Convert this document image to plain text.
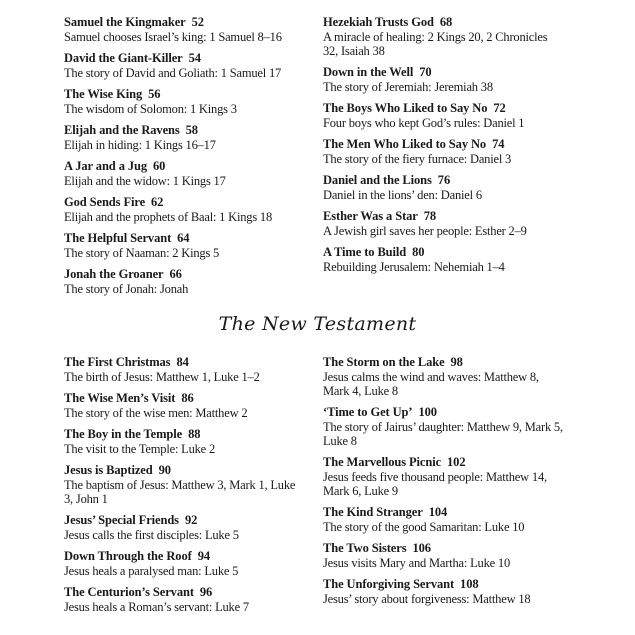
Samuel the Kingmaker 52
Samuel chooses Israel’s king: 1 Samuel 8–16
David the Giant-Killer 54
The story of David and Goliath: 1 Samuel 17
The Wise King 56
The wisdom of Solomon: 1 Kings 3
Elijah and the Ravens 58
Elijah in hiding: 1 Kings 16–17
A Jar and a Jug 60
Elijah and the widow: 1 Kings 17
God Sends Fire 62
Elijah and the prophets of Baal: 1 Kings 18
The Helpful Servant 64
The story of Naaman: 2 Kings 5
Jonah the Groaner 66
The story of Jonah: Jonah
Hezekiah Trusts God 68
A miracle of healing: 2 Kings 20, 2 Chronicles 32, Isaiah 38
Down in the Well 70
The story of Jeremiah: Jeremiah 38
The Boys Who Liked to Say No 72
Four boys who kept God’s rules: Daniel 1
The Men Who Liked to Say No 74
The story of the fiery furnace: Daniel 3
Daniel and the Lions 76
Daniel in the lions’ den: Daniel 6
Esther Was a Star 78
A Jewish girl saves her people: Esther 2–9
A Time to Build 80
Rebuilding Jerusalem: Nehemiah 1–4
The New Testament
The First Christmas 84
The birth of Jesus: Matthew 1, Luke 1–2
The Wise Men’s Visit 86
The story of the wise men: Matthew 2
The Boy in the Temple 88
The visit to the Temple: Luke 2
Jesus is Baptized 90
The baptism of Jesus: Matthew 3, Mark 1, Luke 3, John 1
Jesus’ Special Friends 92
Jesus calls the first disciples: Luke 5
Down Through the Roof 94
Jesus heals a paralysed man: Luke 5
The Centurion’s Servant 96
Jesus heals a Roman’s servant: Luke 7
The Storm on the Lake 98
Jesus calms the wind and waves: Matthew 8, Mark 4, Luke 8
‘Time to Get Up’ 100
The story of Jairus’ daughter: Matthew 9, Mark 5, Luke 8
The Marvellous Picnic 102
Jesus feeds five thousand people: Matthew 14, Mark 6, Luke 9
The Kind Stranger 104
The story of the good Samaritan: Luke 10
The Two Sisters 106
Jesus visits Mary and Martha: Luke 10
The Unforgiving Servant 108
Jesus’ story about forgiveness: Matthew 18
